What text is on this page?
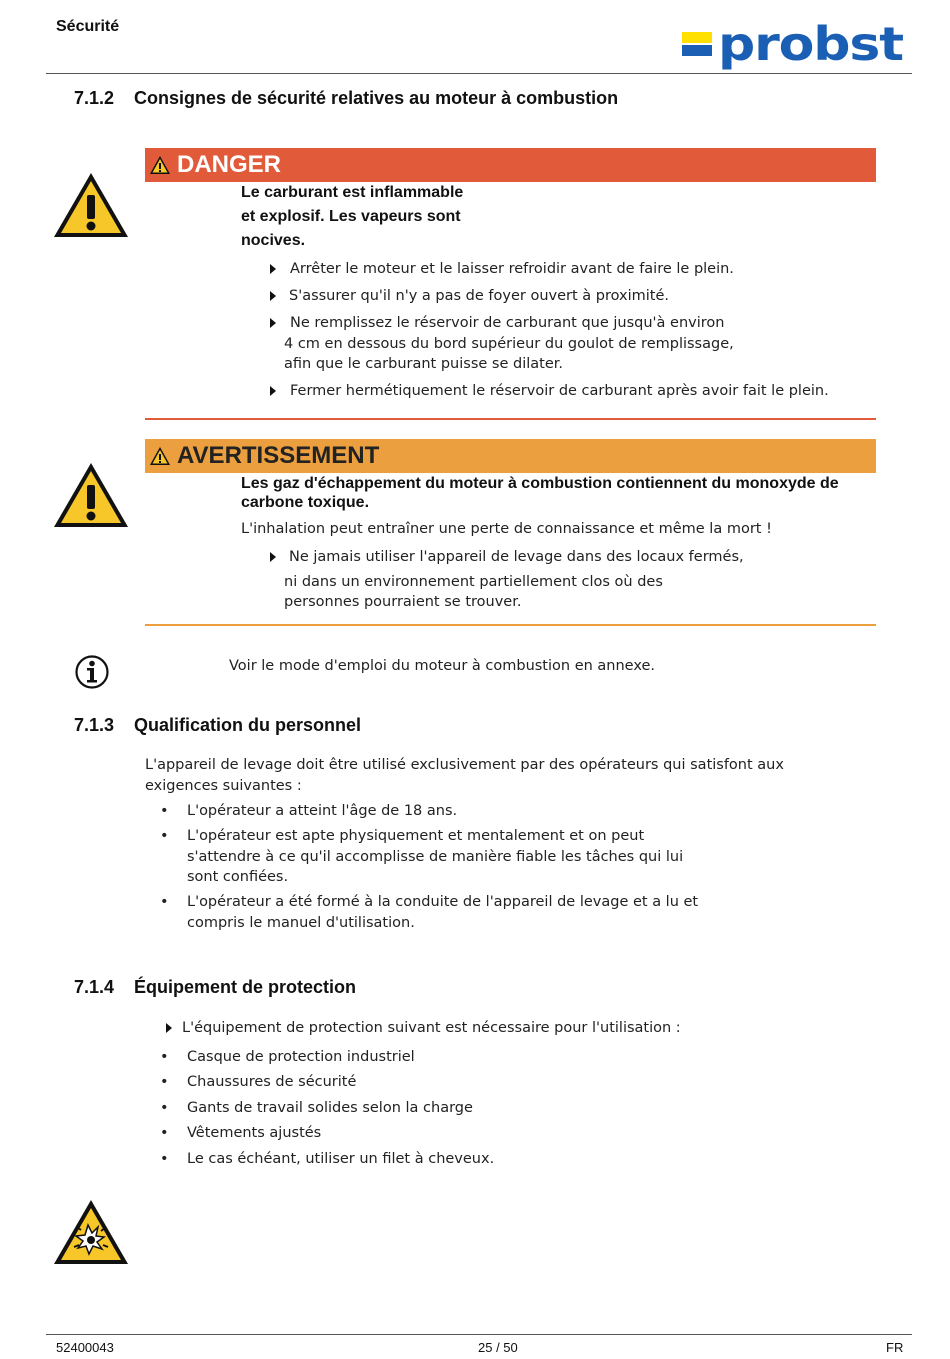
Sécurité	probst
7.1.2 Consignes de sécurité relatives au moteur à combustion
DANGER
Le carburant est inflammable
et explosif. Les vapeurs sont
nocives.
Arrêter le moteur et le laisser refroidir avant de faire le plein.
S'assurer qu'il n'y a pas de foyer ouvert à proximité.
Ne remplissez le réservoir de carburant que jusqu'à environ
4 cm en dessous du bord supérieur du goulot de remplissage,
afin que le carburant puisse se dilater.
Fermer hermétiquement le réservoir de carburant après avoir fait le plein.
AVERTISSEMENT
Les gaz d'échappement du moteur à combustion contiennent du monoxyde de
carbone toxique.
L'inhalation peut entraîner une perte de connaissance et même la mort !
Ne jamais utiliser l'appareil de levage dans des locaux fermés,
ni dans un environnement partiellement clos où des
personnes pourraient se trouver.
Voir le mode d'emploi du moteur à combustion en annexe.
7.1.3 Qualification du personnel
L'appareil de levage doit être utilisé exclusivement par des opérateurs qui satisfont aux
exigences suivantes :
•	L'opérateur a atteint l'âge de 18 ans.
•	L'opérateur est apte physiquement et mentalement et on peut
s'attendre à ce qu'il accomplisse de manière fiable les tâches qui lui
sont confiées.
•	L'opérateur a été formé à la conduite de l'appareil de levage et a lu et
compris le manuel d'utilisation.
7.1.4 Équipement de protection
L'équipement de protection suivant est nécessaire pour l'utilisation :
•	Casque de protection industriel
•	Chaussures de sécurité
•	Gants de travail solides selon la charge
•	Vêtements ajustés
•	Le cas échéant, utiliser un filet à cheveux.
52400043	25 / 50	FR
